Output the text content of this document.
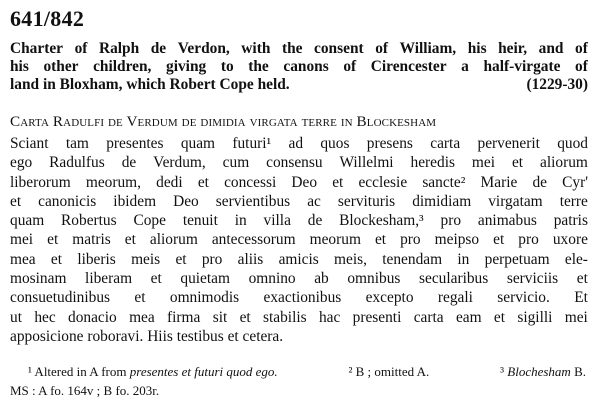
641/842
Charter of Ralph de Verdon, with the consent of William, his heir, and of
his other children, giving to the canons of Cirencester a half-virgate of
land in Bloxham, which Robert Cope held.	(1229-30)
Carta Radulfi de Verdum de dimidia virgata terre in Blockesham
Sciant tam presentes quam futuri¹ ad quos presens carta pervenerit quod
ego Radulfus de Verdum, cum consensu Willelmi heredis mei et aliorum
liberorum meorum, dedi et concessi Deo et ecclesie sancte² Marie de Cyr'
et canonicis ibidem Deo servientibus ac servituris dimidiam virgatam terre
quam Robertus Cope tenuit in villa de Blockesham,³ pro animabus patris
mei et matris et aliorum antecessorum meorum et pro meipso et pro uxore
mea et liberis meis et pro aliis amicis meis, tenendam in perpetuam ele-
mosinam liberam et quietam omnino ab omnibus secularibus serviciis et
consuetudinibus et omnimodis exactionibus excepto regali servicio. Et
ut hec donacio mea firma sit et stabilis hac presenti carta eam et sigilli mei
apposicione roboravi. Hiis testibus et cetera.
¹ Altered in A from presentes et futuri quod ego.	² B ; omitted A.	³ Blochesham B.
MS : A fo. 164v ; B fo. 203r.
